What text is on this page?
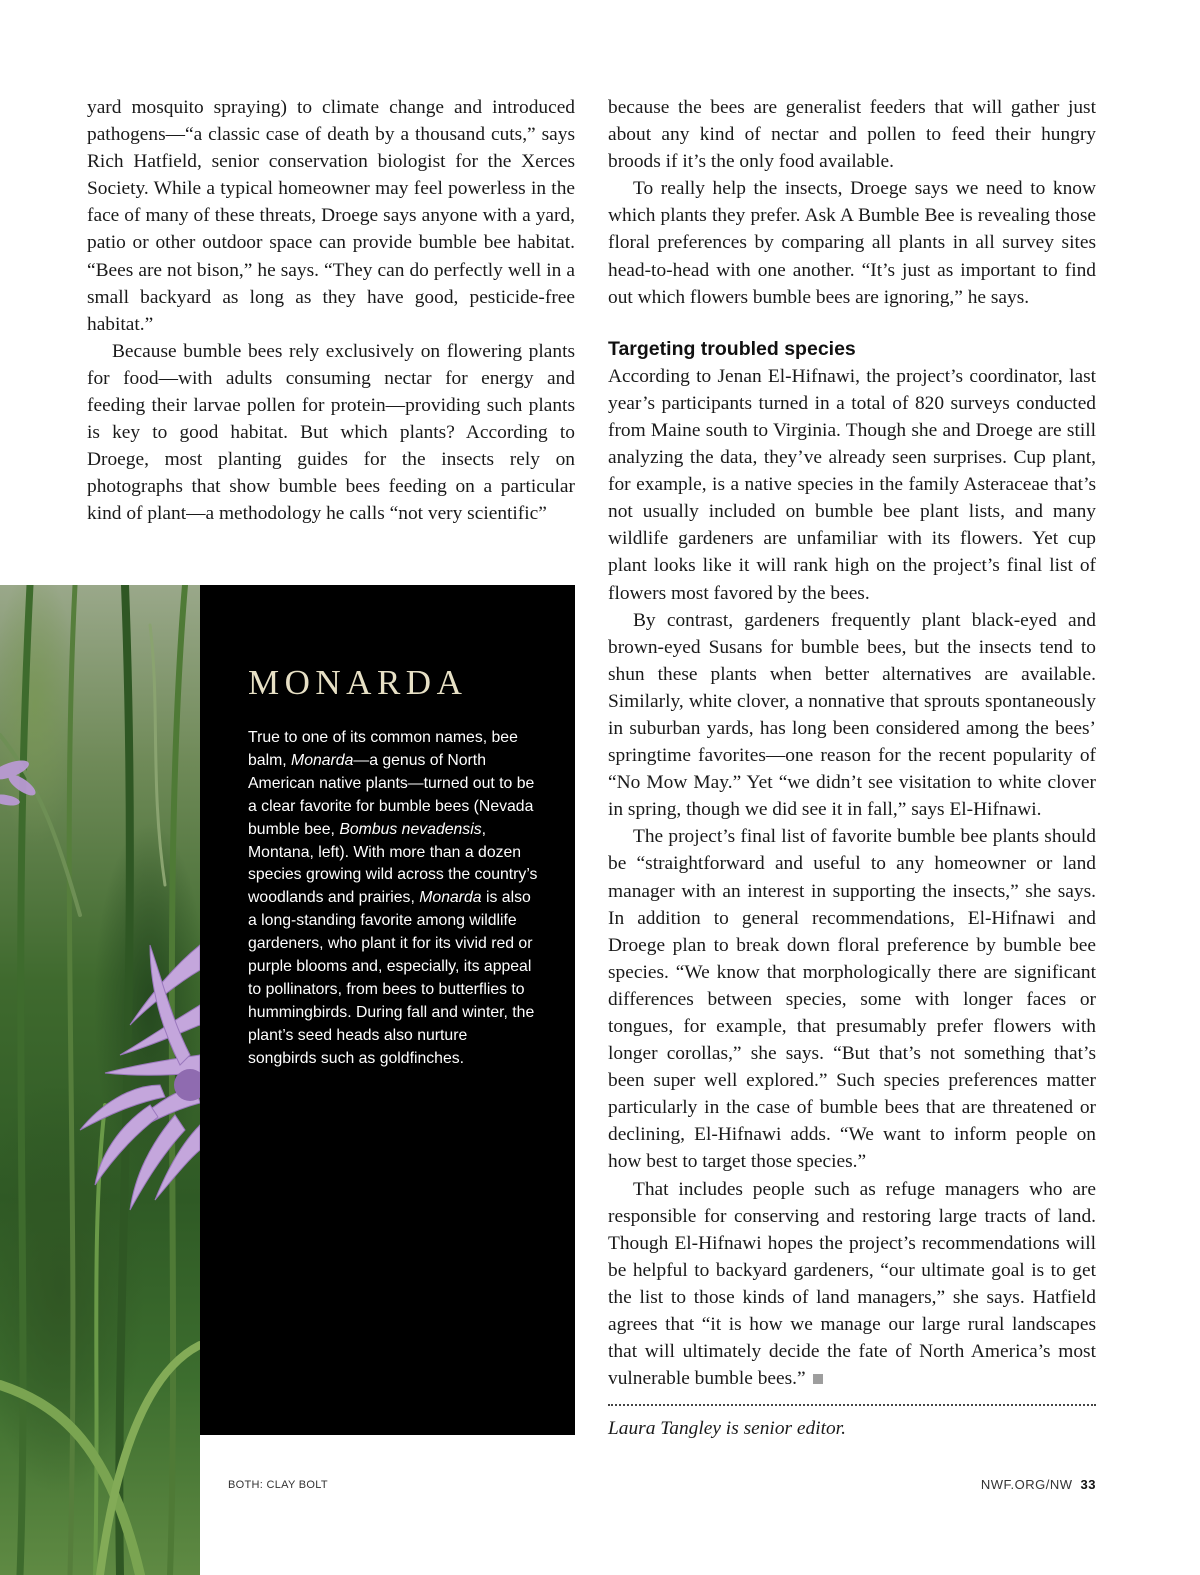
yard mosquito spraying) to climate change and introduced pathogens—“a classic case of death by a thousand cuts,” says Rich Hatfield, senior conservation biologist for the Xerces Society. While a typical homeowner may feel powerless in the face of many of these threats, Droege says anyone with a yard, patio or other outdoor space can provide bumble bee habitat. “Bees are not bison,” he says. “They can do perfectly well in a small backyard as long as they have good, pesticide-free habitat.”

Because bumble bees rely exclusively on flowering plants for food—with adults consuming nectar for energy and feeding their larvae pollen for protein—providing such plants is key to good habitat. But which plants? According to Droege, most planting guides for the insects rely on photographs that show bumble bees feeding on a particular kind of plant—a methodology he calls “not very scientific”

because the bees are generalist feeders that will gather just about any kind of nectar and pollen to feed their hungry broods if it’s the only food available.

To really help the insects, Droege says we need to know which plants they prefer. Ask A Bumble Bee is revealing those floral preferences by comparing all plants in all survey sites head-to-head with one another. “It’s just as important to find out which flowers bumble bees are ignoring,” he says.

Targeting troubled species

According to Jenan El-Hifnawi, the project’s coordinator, last year’s participants turned in a total of 820 surveys conducted from Maine south to Virginia. Though she and Droege are still analyzing the data, they’ve already seen surprises. Cup plant, for example, is a native species in the family Asteraceae that’s not usually included on bumble bee plant lists, and many wildlife gardeners are unfamiliar with its flowers. Yet cup plant looks like it will rank high on the project’s final list of flowers most favored by the bees.

By contrast, gardeners frequently plant black-eyed and brown-eyed Susans for bumble bees, but the insects tend to shun these plants when better alternatives are available. Similarly, white clover, a nonnative that sprouts spontaneously in suburban yards, has long been considered among the bees’ springtime favorites—one reason for the recent popularity of “No Mow May.” Yet “we didn’t see visitation to white clover in spring, though we did see it in fall,” says El-Hifnawi.

The project’s final list of favorite bumble bee plants should be “straightforward and useful to any homeowner or land manager with an interest in supporting the insects,” she says. In addition to general recommendations, El-Hifnawi and Droege plan to break down floral preference by bumble bee species. “We know that morphologically there are significant differences between species, some with longer faces or tongues, for example, that presumably prefer flowers with longer corollas,” she says. “But that’s not something that’s been super well explored.” Such species preferences matter particularly in the case of bumble bees that are threatened or declining, El-Hifnawi adds. “We want to inform people on how best to target those species.”

That includes people such as refuge managers who are responsible for conserving and restoring large tracts of land. Though El-Hifnawi hopes the project’s recommendations will be helpful to backyard gardeners, “our ultimate goal is to get the list to those kinds of land managers,” she says. Hatfield agrees that “it is how we manage our large rural landscapes that will ultimately decide the fate of North America’s most vulnerable bumble bees.”

Laura Tangley is senior editor.
MONARDA

True to one of its common names, bee balm, Monarda—a genus of North American native plants—turned out to be a clear favorite for bumble bees (Nevada bumble bee, Bombus nevadensis, Montana, left). With more than a dozen species growing wild across the country’s woodlands and prairies, Monarda is also a long-standing favorite among wildlife gardeners, who plant it for its vivid red or purple blooms and, especially, its appeal to pollinators, from bees to butterflies to hummingbirds. During fall and winter, the plant’s seed heads also nurture songbirds such as goldfinches.

BOTH: CLAY BOLT	NWF.ORG/NW 33
